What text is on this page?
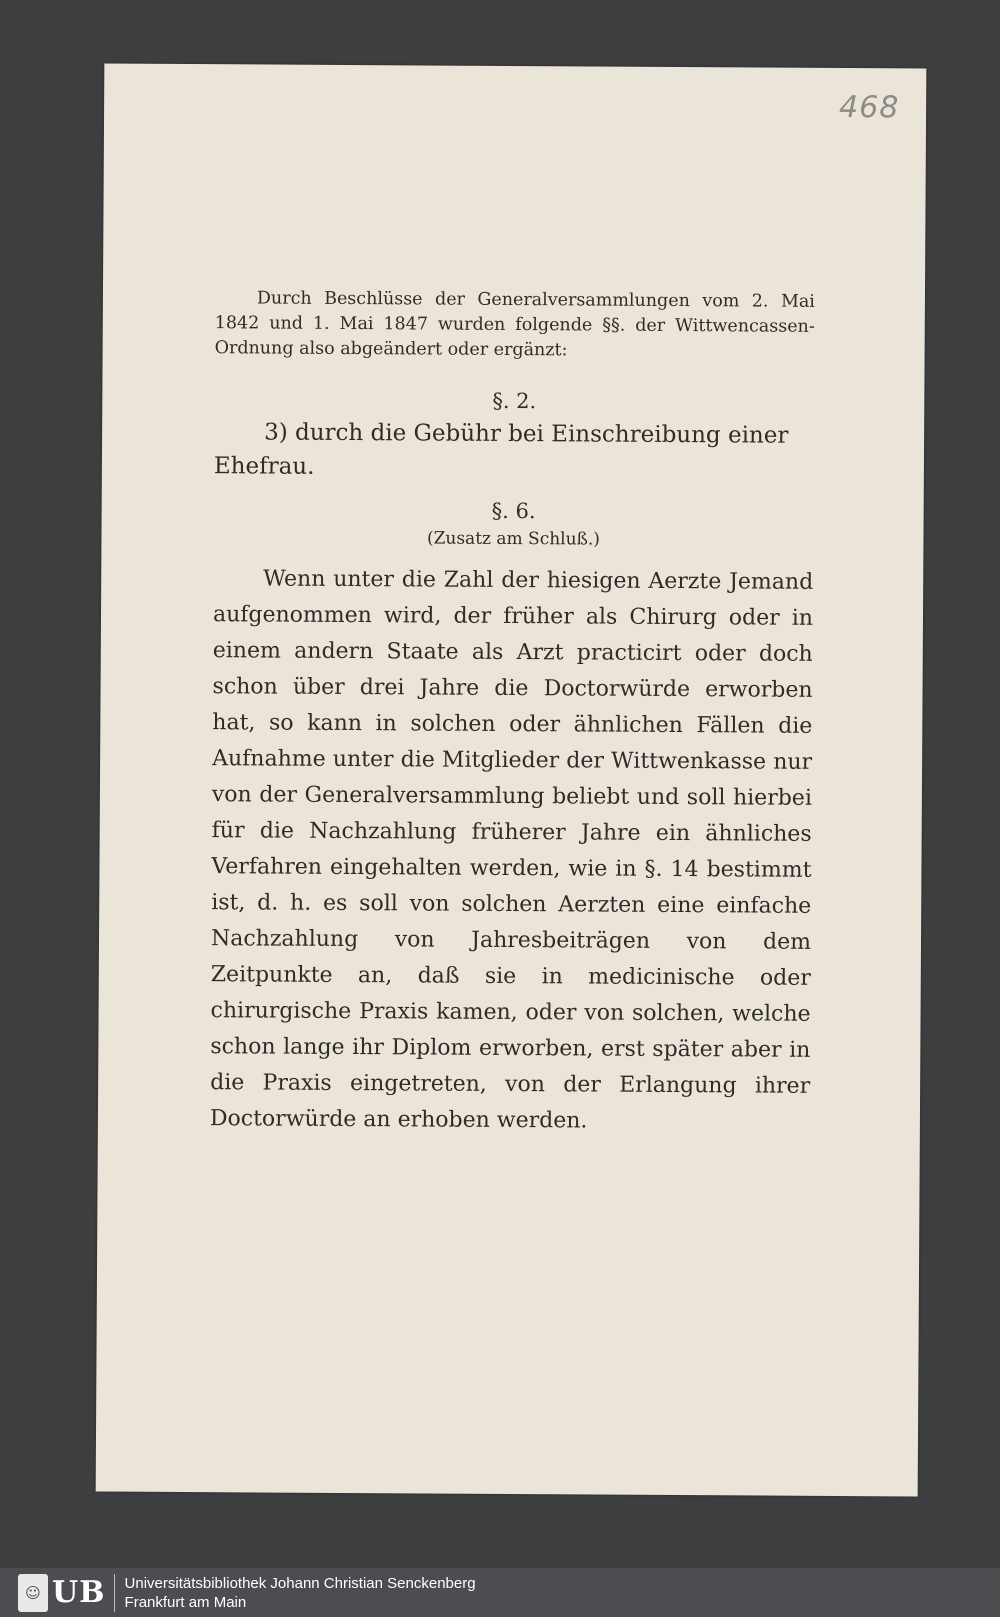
468

Durch Beschlüsse der Generalversammlungen vom 2. Mai 1842 und 1. Mai 1847 wurden folgende §§. der Wittwencassen-Ordnung also abgeändert oder ergänzt:

§. 2.

3) durch die Gebühr bei Einschreibung einer Ehefrau.

§. 6.
(Zusatz am Schluß.)

Wenn unter die Zahl der hiesigen Aerzte Jemand aufgenommen wird, der früher als Chirurg oder in einem andern Staate als Arzt practicirt oder doch schon über drei Jahre die Doctorwürde erworben hat, so kann in solchen oder ähnlichen Fällen die Aufnahme unter die Mitglieder der Wittwenkasse nur von der Generalversammlung beliebt und soll hierbei für die Nachzahlung früherer Jahre ein ähnliches Verfahren eingehalten werden, wie in §. 14 bestimmt ist, d. h. es soll von solchen Aerzten eine einfache Nachzahlung von Jahresbeiträgen von dem Zeitpunkte an, daß sie in medicinische oder chirurgische Praxis kamen, oder von solchen, welche schon lange ihr Diplom erworben, erst später aber in die Praxis eingetreten, von der Erlangung ihrer Doctorwürde an erhoben werden.

☺ UB Universitätsbibliothek Johann Christian Senckenberg
Frankfurt am Main
